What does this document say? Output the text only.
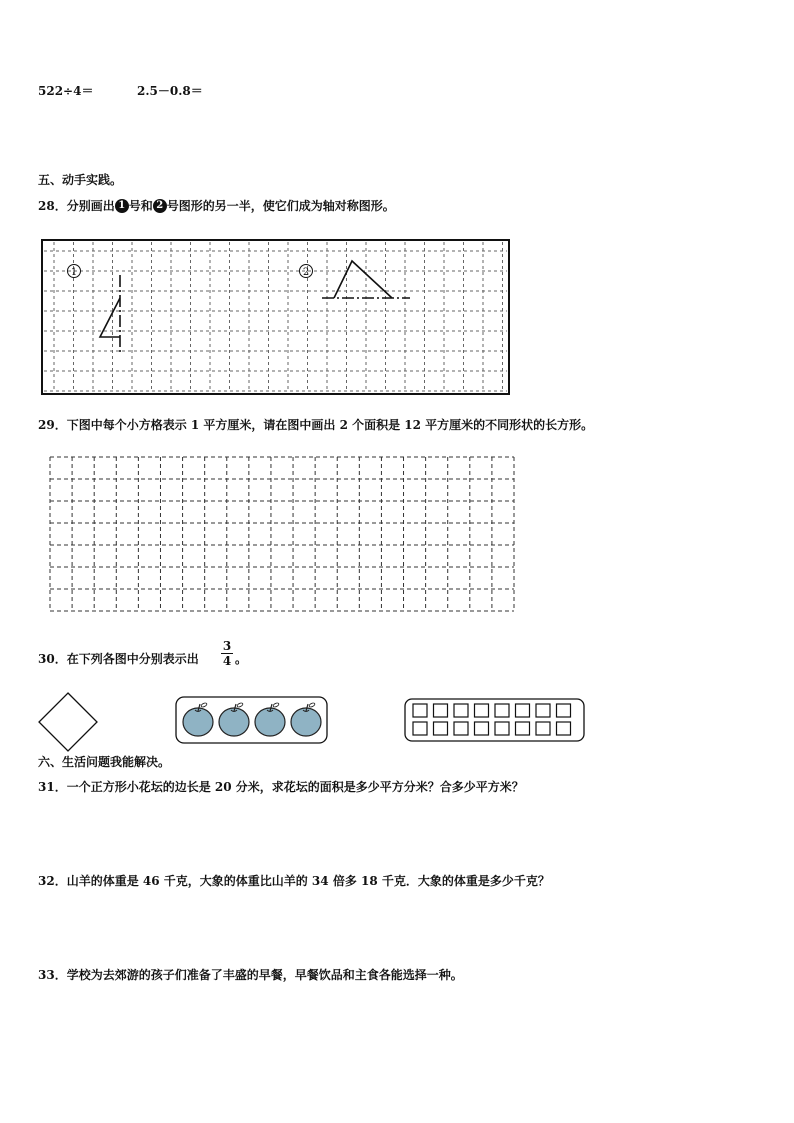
522÷4＝	2.5－0.8＝
五、动手实践。
28．分别画出 1 号和 2 号图形的另一半，使它们成为轴对称图形。
1	2
29．下图中每个小方格表示 1 平方厘米，请在图中画出 2 个面积是 12 平方厘米的不同形状的长方形。
30．在下列各图中分别表示出
3
4 。
六、生活问题我能解决。
31．一个正方形小花坛的边长是 20 分米，求花坛的面积是多少平方分米？合多少平方米？
32．山羊的体重是 46 千克，大象的体重比山羊的 34 倍多 18 千克．大象的体重是多少千克？
33．学校为去郊游的孩子们准备了丰盛的早餐，早餐饮品和主食各能选择一种。
